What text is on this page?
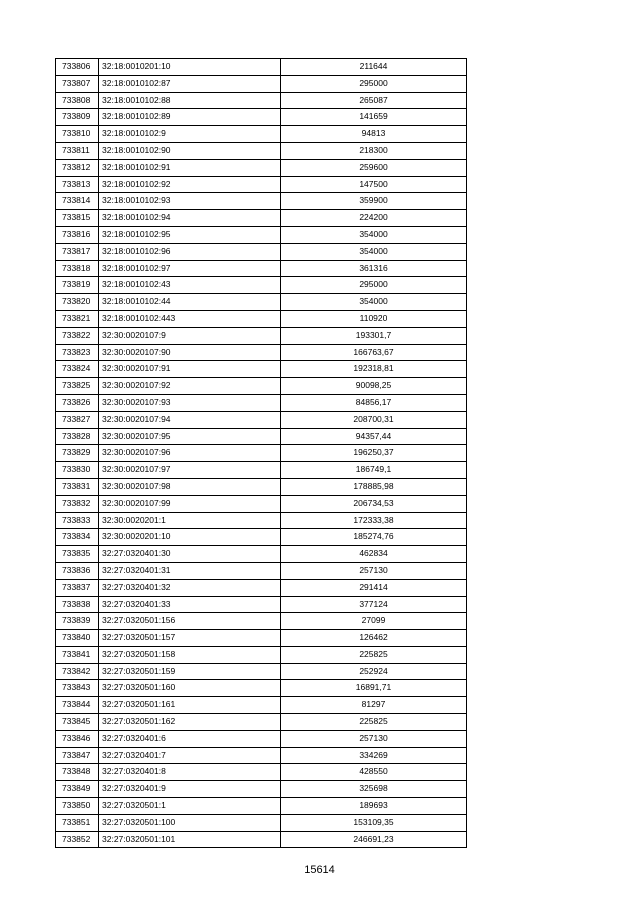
733806	32:18:0010201:10	211644
733807	32:18:0010102:87	295000
733808	32:18:0010102:88	265087
733809	32:18:0010102:89	141659
733810	32:18:0010102:9	94813
733811	32:18:0010102:90	218300
733812	32:18:0010102:91	259600
733813	32:18:0010102:92	147500
733814	32:18:0010102:93	359900
733815	32:18:0010102:94	224200
733816	32:18:0010102:95	354000
733817	32:18:0010102:96	354000
733818	32:18:0010102:97	361316
733819	32:18:0010102:43	295000
733820	32:18:0010102:44	354000
733821	32:18:0010102:443	110920
733822	32:30:0020107:9	193301,7
733823	32:30:0020107:90	166763,67
733824	32:30:0020107:91	192318,81
733825	32:30:0020107:92	90098,25
733826	32:30:0020107:93	84856,17
733827	32:30:0020107:94	208700,31
733828	32:30:0020107:95	94357,44
733829	32:30:0020107:96	196250,37
733830	32:30:0020107:97	186749,1
733831	32:30:0020107:98	178885,98
733832	32:30:0020107:99	206734,53
733833	32:30:0020201:1	172333,38
733834	32:30:0020201:10	185274,76
733835	32:27:0320401:30	462834
733836	32:27:0320401:31	257130
733837	32:27:0320401:32	291414
733838	32:27:0320401:33	377124
733839	32:27:0320501:156	27099
733840	32:27:0320501:157	126462
733841	32:27:0320501:158	225825
733842	32:27:0320501:159	252924
733843	32:27:0320501:160	16891,71
733844	32:27:0320501:161	81297
733845	32:27:0320501:162	225825
733846	32:27:0320401:6	257130
733847	32:27:0320401:7	334269
733848	32:27:0320401:8	428550
733849	32:27:0320401:9	325698
733850	32:27:0320501:1	189693
733851	32:27:0320501:100	153109,35
733852	32:27:0320501:101	246691,23
15614
